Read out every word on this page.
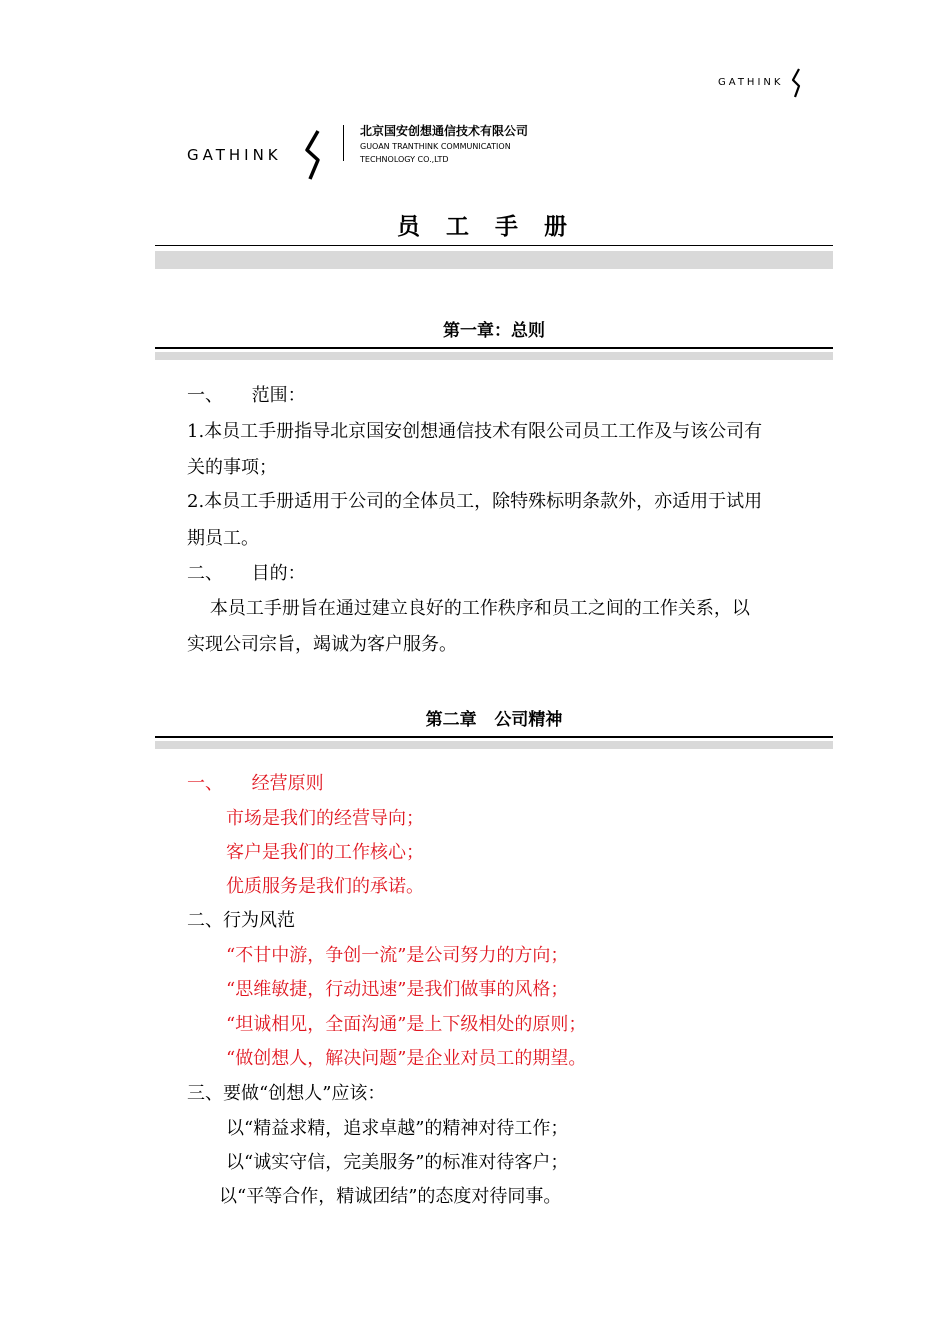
GATHINK
GATHINK
北京国安创想通信技术有限公司
GUOAN TRANTHINK COMMUNICATION
TECHNOLOGY CO.,LTD
员工手册
第一章：总则
一、     范围：
1.本员工手册指导北京国安创想通信技术有限公司员工工作及与该公司有
关的事项；
2.本员工手册适用于公司的全体员工，除特殊标明条款外，亦适用于试用
期员工。
二、     目的：
本员工手册旨在通过建立良好的工作秩序和员工之间的工作关系，以
实现公司宗旨，竭诚为客户服务。
第二章   公司精神
一、     经营原则
市场是我们的经营导向；
客户是我们的工作核心；
优质服务是我们的承诺。
二、行为风范
“不甘中游，争创一流”是公司努力的方向；
“思维敏捷，行动迅速”是我们做事的风格；
“坦诚相见，全面沟通”是上下级相处的原则；
“做创想人，解决问题”是企业对员工的期望。
三、要做“创想人”应该：
以“精益求精，追求卓越”的精神对待工作；
以“诚实守信，完美服务”的标准对待客户；
以“平等合作，精诚团结”的态度对待同事。
